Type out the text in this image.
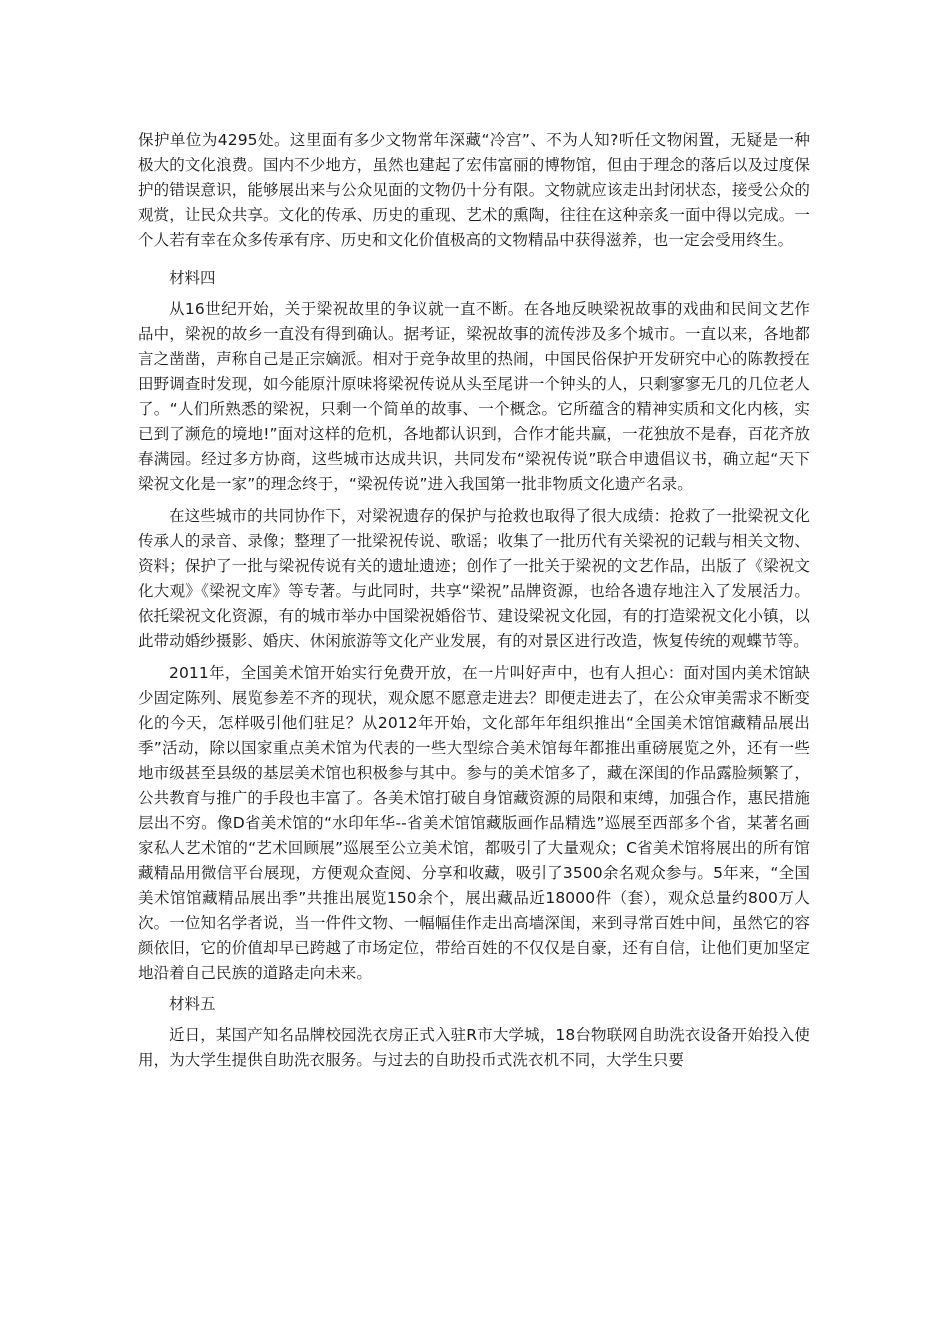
保护单位为4295处。这里面有多少文物常年深藏“冷宫”、不为人知?听任文物闲置，无疑是一种极大的文化浪费。国内不少地方，虽然也建起了宏伟富丽的博物馆，但由于理念的落后以及过度保护的错误意识，能够展出来与公众见面的文物仍十分有限。文物就应该走出封闭状态，接受公众的观赏，让民众共享。文化的传承、历史的重现、艺术的熏陶，往往在这种亲炙一面中得以完成。一个人若有幸在众多传承有序、历史和文化价值极高的文物精品中获得滋养，也一定会受用终生。

材料四

从16世纪开始，关于梁祝故里的争议就一直不断。在各地反映梁祝故事的戏曲和民间文艺作品中，梁祝的故乡一直没有得到确认。据考证，梁祝故事的流传涉及多个城市。一直以来，各地都言之凿凿，声称自己是正宗嫡派。相对于竞争故里的热闹，中国民俗保护开发研究中心的陈教授在田野调查时发现，如今能原汁原味将梁祝传说从头至尾讲一个钟头的人，只剩寥寥无几的几位老人了。“人们所熟悉的梁祝，只剩一个简单的故事、一个概念。它所蕴含的精神实质和文化内核，实已到了濒危的境地!”面对这样的危机，各地都认识到，合作才能共赢，一花独放不是春，百花齐放春满园。经过多方协商，这些城市达成共识，共同发布“梁祝传说”联合申遗倡议书，确立起“天下梁祝文化是一家”的理念终于，“梁祝传说”进入我国第一批非物质文化遗产名录。

在这些城市的共同协作下，对梁祝遗存的保护与抢救也取得了很大成绩：抢救了一批梁祝文化传承人的录音、录像；整理了一批梁祝传说、歌谣；收集了一批历代有关梁祝的记载与相关文物、资料；保护了一批与梁祝传说有关的遗址遗迹；创作了一批关于梁祝的文艺作品，出版了《梁祝文化大观》《梁祝文库》等专著。与此同时，共享“梁祝”品牌资源，也给各遗存地注入了发展活力。依托梁祝文化资源，有的城市举办中国梁祝婚俗节、建设梁祝文化园，有的打造梁祝文化小镇，以此带动婚纱摄影、婚庆、休闲旅游等文化产业发展，有的对景区进行改造，恢复传统的观蝶节等。

2011年，全国美术馆开始实行免费开放，在一片叫好声中，也有人担心：面对国内美术馆缺少固定陈列、展览参差不齐的现状，观众愿不愿意走进去？即便走进去了，在公众审美需求不断变化的今天，怎样吸引他们驻足？从2012年开始，文化部年年组织推出“全国美术馆馆藏精品展出季”活动，除以国家重点美术馆为代表的一些大型综合美术馆每年都推出重磅展览之外，还有一些地市级甚至县级的基层美术馆也积极参与其中。参与的美术馆多了，藏在深闺的作品露脸频繁了，公共教育与推广的手段也丰富了。各美术馆打破自身馆藏资源的局限和束缚，加强合作，惠民措施层出不穷。像D省美术馆的“水印年华--省美术馆馆藏版画作品精选”巡展至西部多个省，某著名画家私人艺术馆的“艺术回顾展”巡展至公立美术馆，都吸引了大量观众；C省美术馆将展出的所有馆藏精品用微信平台展现，方便观众查阅、分享和收藏，吸引了3500余名观众参与。5年来，“全国美术馆馆藏精品展出季”共推出展览150余个，展出藏品近18000件（套），观众总量约800万人次。一位知名学者说，当一件件文物、一幅幅佳作走出高墙深闺，来到寻常百姓中间，虽然它的容颜依旧，它的价值却早已跨越了市场定位，带给百姓的不仅仅是自豪，还有自信，让他们更加坚定地沿着自己民族的道路走向未来。

材料五

近日，某国产知名品牌校园洗衣房正式入驻R市大学城，18台物联网自助洗衣设备开始投入使用，为大学生提供自助洗衣服务。与过去的自助投币式洗衣机不同，大学生只要
